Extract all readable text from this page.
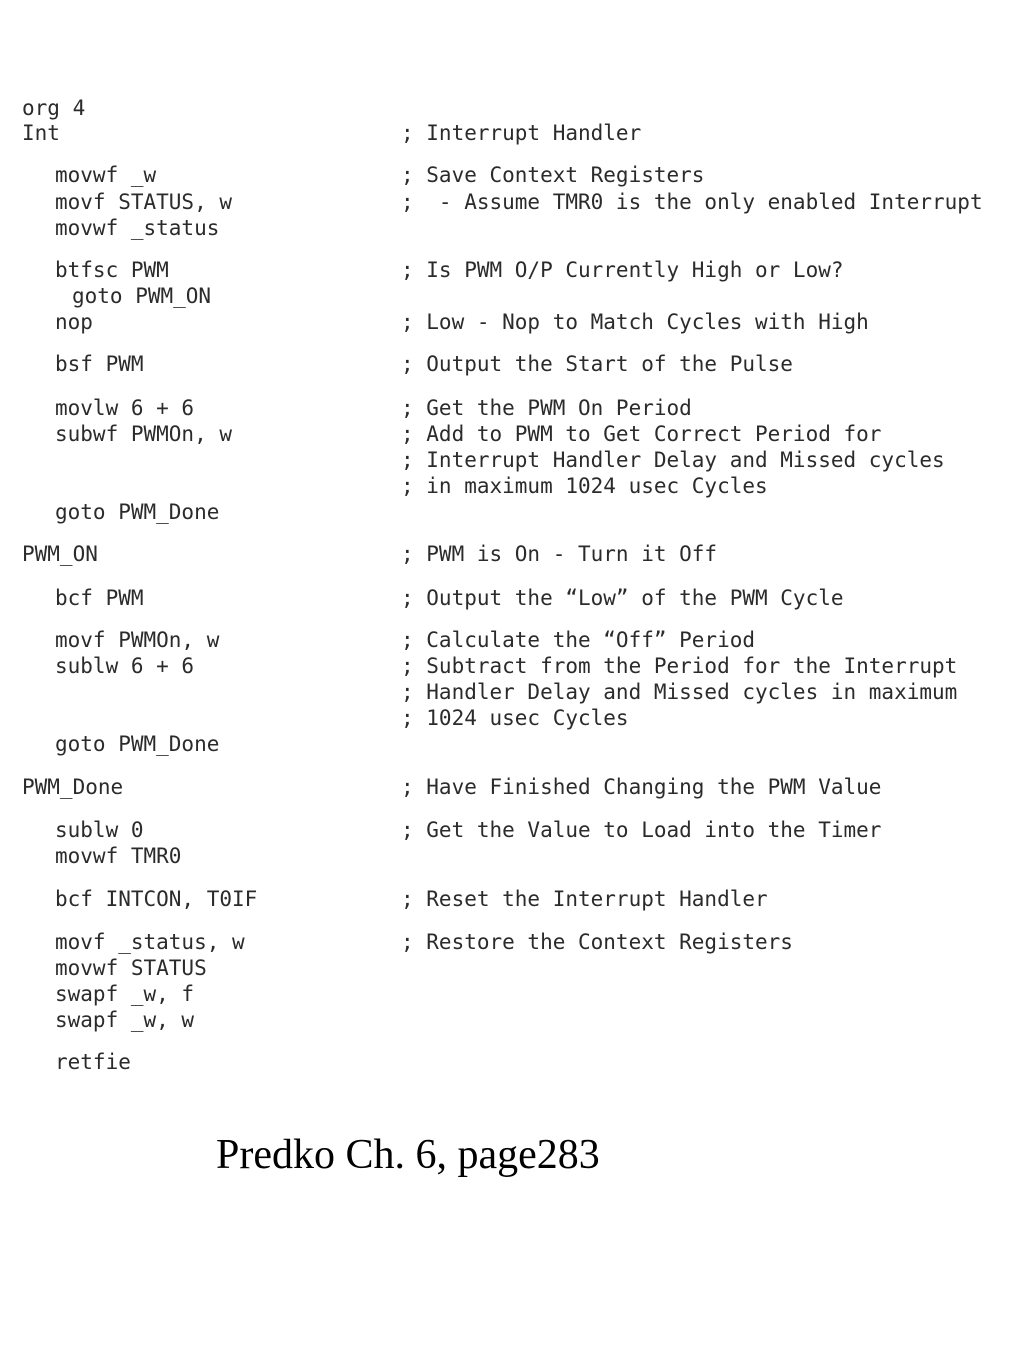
org 4
Int	; Interrupt Handler
movwf _w	; Save Context Registers
movf STATUS, w	;  - Assume TMR0 is the only enabled Interrupt
movwf _status
btfsc PWM	; Is PWM O/P Currently High or Low?
goto PWM_ON
nop	; Low - Nop to Match Cycles with High
bsf PWM	; Output the Start of the Pulse
movlw 6 + 6	; Get the PWM On Period
subwf PWMOn, w	; Add to PWM to Get Correct Period for
; Interrupt Handler Delay and Missed cycles
; in maximum 1024 usec Cycles
goto PWM_Done
PWM_ON	; PWM is On - Turn it Off
bcf PWM	; Output the “Low” of the PWM Cycle
movf PWMOn, w	; Calculate the “Off” Period
sublw 6 + 6	; Subtract from the Period for the Interrupt
; Handler Delay and Missed cycles in maximum
; 1024 usec Cycles
goto PWM_Done
PWM_Done	; Have Finished Changing the PWM Value
sublw 0	; Get the Value to Load into the Timer
movwf TMR0
bcf INTCON, T0IF	; Reset the Interrupt Handler
movf _status, w	; Restore the Context Registers
movwf STATUS
swapf _w, f
swapf _w, w
retfie
Predko Ch. 6, page283
